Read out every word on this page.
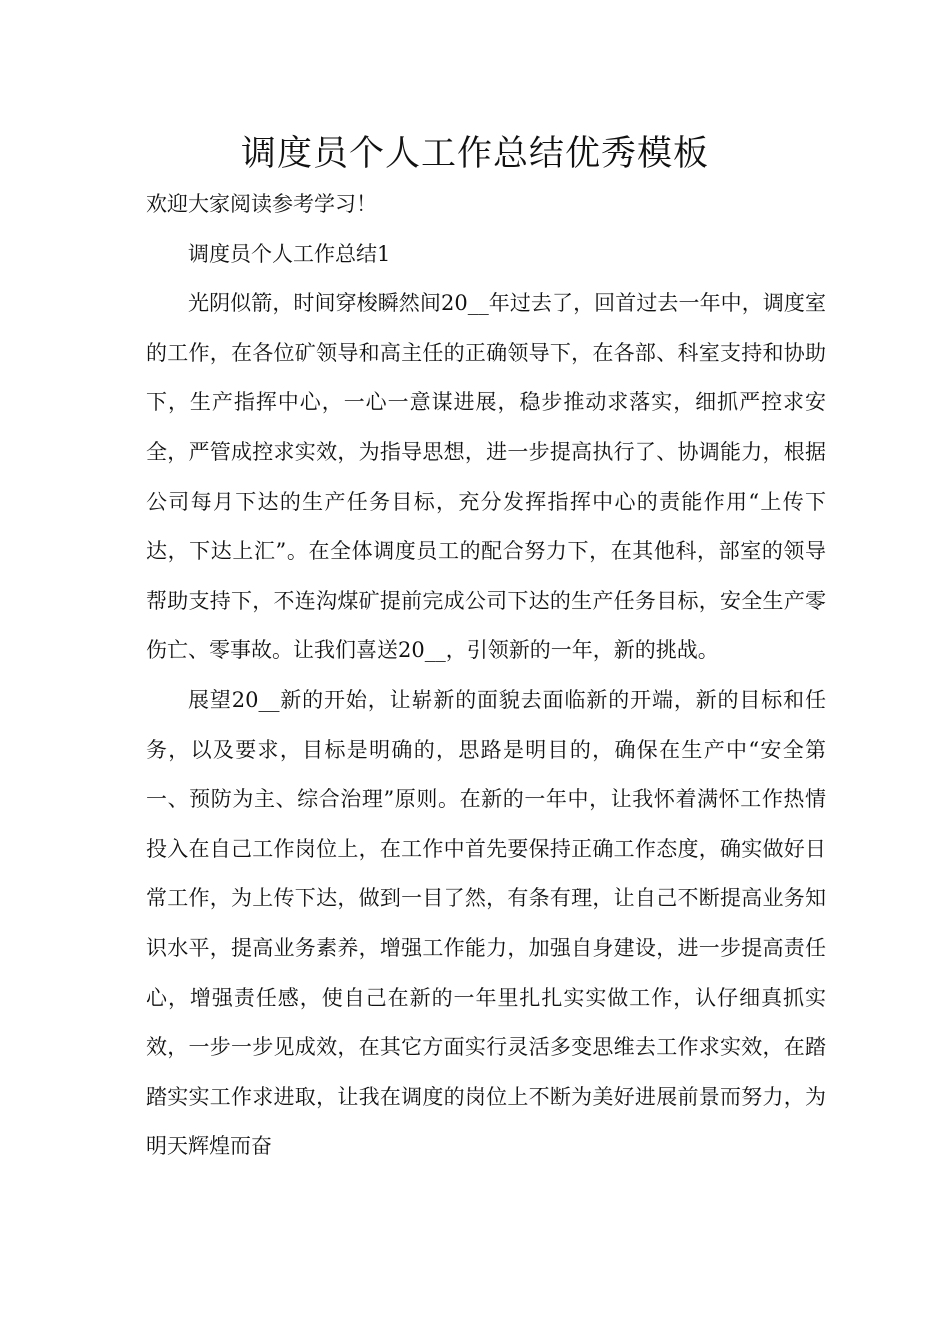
调度员个人工作总结优秀模板

欢迎大家阅读参考学习！

调度员个人工作总结1

光阴似箭，时间穿梭瞬然间20__年过去了，回首过去一年中，调度室的工作，在各位矿领导和高主任的正确领导下，在各部、科室支持和协助下，生产指挥中心，一心一意谋进展，稳步推动求落实，细抓严控求安全，严管成控求实效，为指导思想，进一步提高执行了、协调能力，根据公司每月下达的生产任务目标，充分发挥指挥中心的责能作用“上传下达，下达上汇”。在全体调度员工的配合努力下，在其他科，部室的领导帮助支持下，不连沟煤矿提前完成公司下达的生产任务目标，安全生产零伤亡、零事故。让我们喜送20__，引领新的一年，新的挑战。

展望20__新的开始，让崭新的面貌去面临新的开端，新的目标和任务，以及要求，目标是明确的，思路是明目的，确保在生产中“安全第一、预防为主、综合治理”原则。在新的一年中，让我怀着满怀工作热情投入在自己工作岗位上，在工作中首先要保持正确工作态度，确实做好日常工作，为上传下达，做到一目了然，有条有理，让自己不断提高业务知识水平，提高业务素养，增强工作能力，加强自身建设，进一步提高责任心，增强责任感，使自己在新的一年里扎扎实实做工作，认仔细真抓实效，一步一步见成效，在其它方面实行灵活多变思维去工作求实效，在踏踏实实工作求进取，让我在调度的岗位上不断为美好进展前景而努力，为明天辉煌而奋
